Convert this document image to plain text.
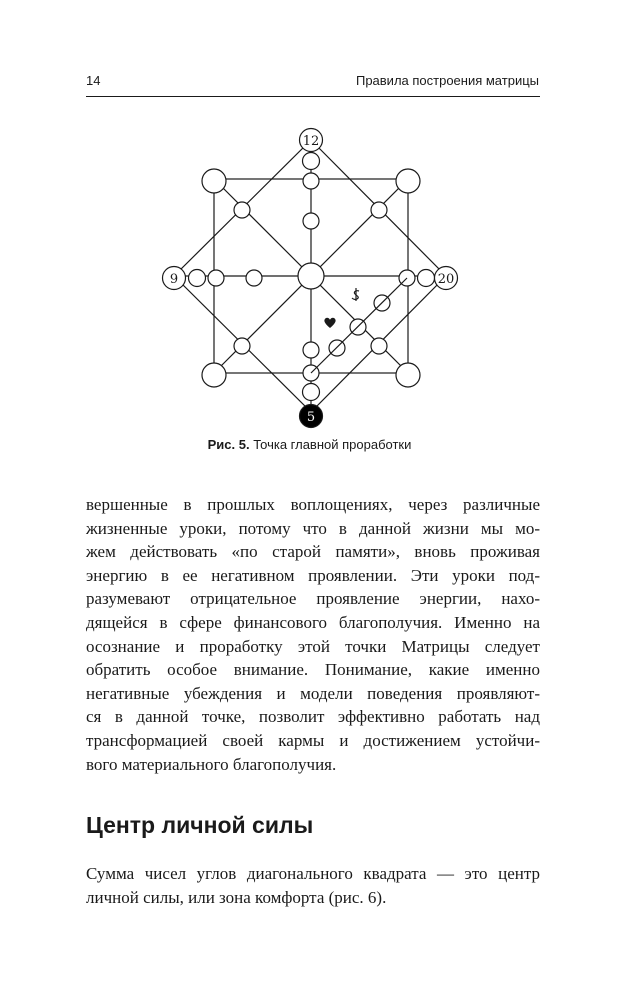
14	Правила построения матрицы
12
9	20
5
Рис. 5. Точка главной проработки

вершенные в прошлых воплощениях, через различные
жизненные уроки, потому что в данной жизни мы мо-
жем действовать «по старой памяти», вновь проживая
энергию в ее негативном проявлении. Эти уроки под-
разумевают отрицательное проявление энергии, нахо-
дящейся в сфере финансового благополучия. Именно на
осознание и проработку этой точки Матрицы следует
обратить особое внимание. Понимание, какие именно
негативные убеждения и модели поведения проявляют-
ся в данной точке, позволит эффективно работать над
трансформацией своей кармы и достижением устойчи-
вого материального благополучия.

Центр личной силы

Сумма чисел углов диагонального квадрата — это центр
личной силы, или зона комфорта (рис. 6).
